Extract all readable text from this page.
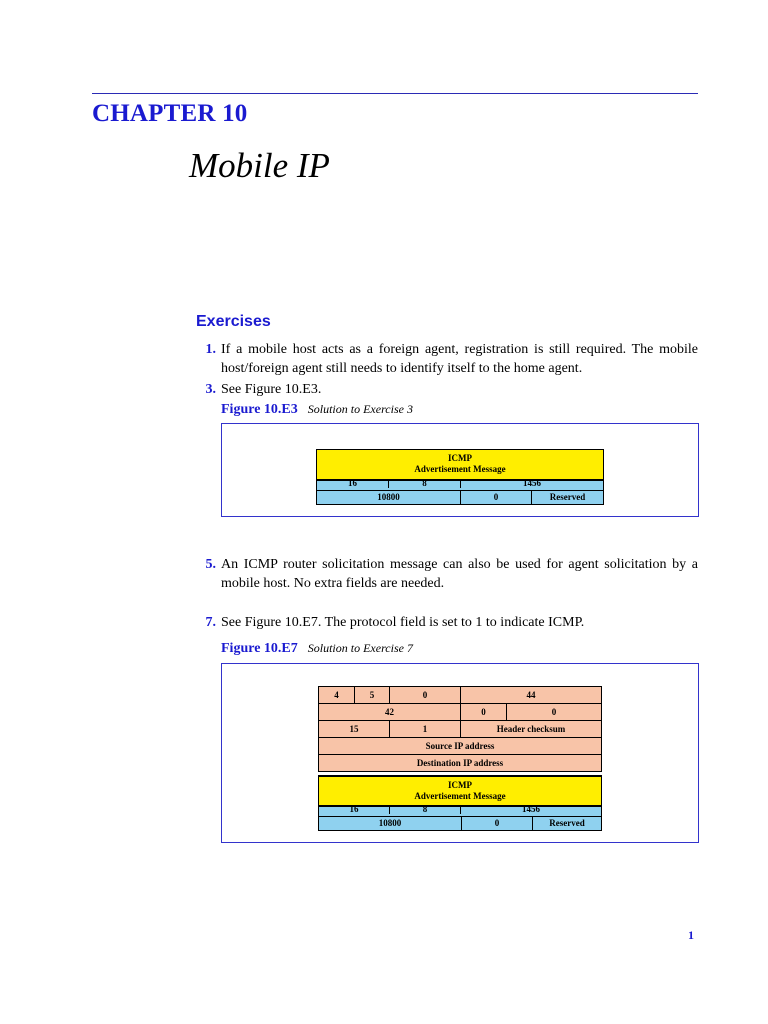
CHAPTER 10
Mobile IP
Exercises
1. If a mobile host acts as a foreign agent, registration is still required. The mobile host/foreign agent still needs to identify itself to the home agent.
3. See Figure 10.E3.
Figure 10.E3 Solution to Exercise 3
ICMP
Advertisement Message
16	8	1456
10800	0	Reserved
5. An ICMP router solicitation message can also be used for agent solicitation by a mobile host. No extra fields are needed.
7. See Figure 10.E7. The protocol field is set to 1 to indicate ICMP.
Figure 10.E7 Solution to Exercise 7
4	5	0	44
42	0	0
15	1	Header checksum
Source IP address
Destination IP address
ICMP
Advertisement Message
16	8	1456
10800	0	Reserved
1
